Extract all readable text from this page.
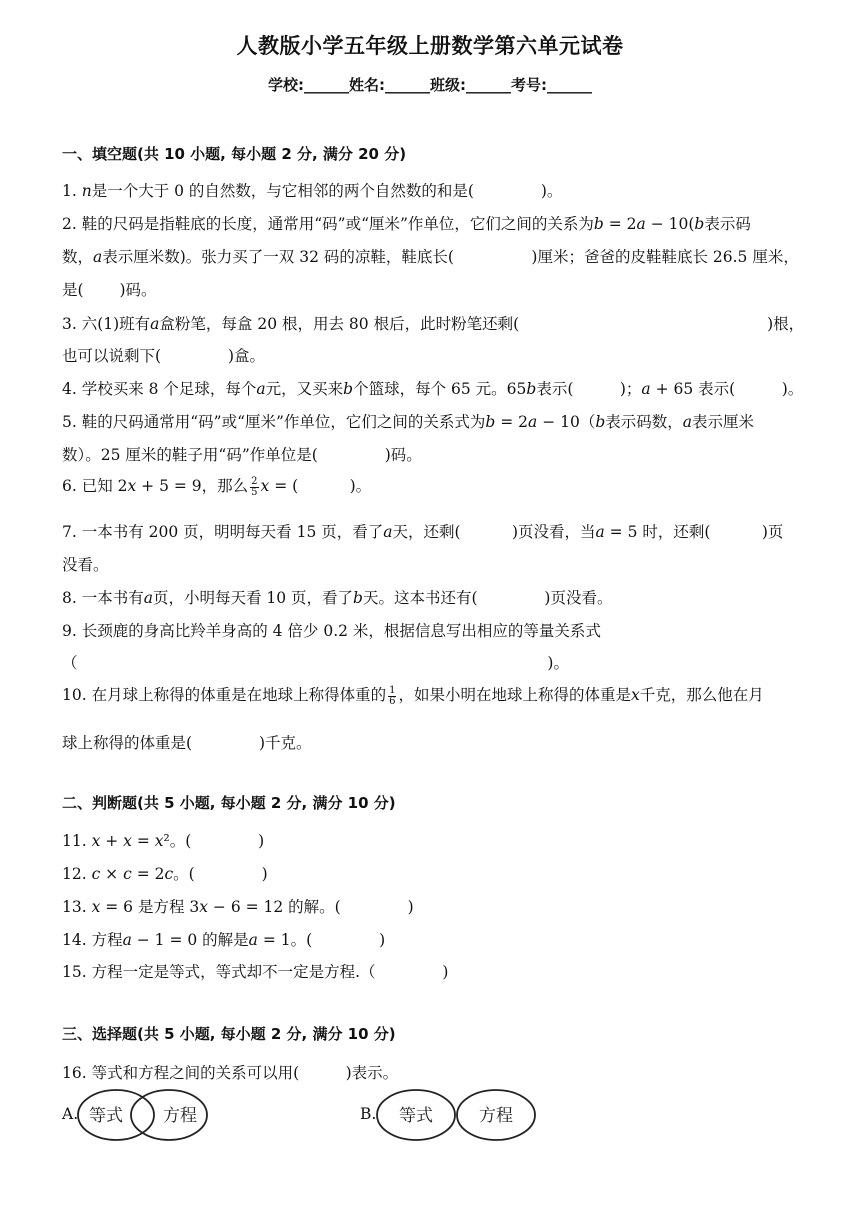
人教版小学五年级上册数学第六单元试卷
学校:______姓名:______班级:______考号:______
一、填空题(共 10 小题, 每小题 2 分, 满分 20 分)
1. 𝑛是一个大于 0 的自然数，与它相邻的两个自然数的和是(　　　　 )。
2. 鞋的尺码是指鞋底的长度，通常用“码”或“厘米”作单位，它们之间的关系为𝑏 = 2𝑎 − 10(𝑏表示码
数，𝑎表示厘米数)。张力买了一双 32 码的凉鞋，鞋底长(　　　　　)厘米；爸爸的皮鞋鞋底长 26.5 厘米，
是(　　 )码。
3. 六(1)班有𝑎盒粉笔，每盒 20 根，用去 80 根后，此时粉笔还剩(　　　　　　　　　　　　　　　　)根，
也可以说剩下(　　　　 )盒。
4. 学校买来 8 个足球，每个𝑎元，又买来𝑏个篮球，每个 65 元。65𝑏表示(　　　)；𝑎 + 65 表示(　　　)。
5. 鞋的尺码通常用“码”或“厘米”作单位，它们之间的关系式为𝑏 = 2𝑎 − 10（𝑏表示码数，𝑎表示厘米
数）。25 厘米的鞋子用“码”作单位是(　　　　 )码。
6. 已知 2𝑥 + 5 = 9，那么 $\frac{2}{5}$ 𝑥 = (　　　 )。
7. 一本书有 200 页，明明每天看 15 页，看了𝑎天，还剩(　　　 )页没看，当𝑎 = 5 时，还剩(　　　 )页
没看。
8. 一本书有𝑎页，小明每天看 10 页，看了𝑏天。这本书还有(　　　　 )页没看。
9. 长颈鹿的身高比羚羊身高的 4 倍少 0.2 米，根据信息写出相应的等量关系式
（　　　　　　　　　　　　　　　　　　　　　　　　　　　　　　 )。
10. 在月球上称得的体重是在地球上称得体重的 $\frac{1}{6}$ ，如果小明在地球上称得的体重是𝑥千克，那么他在月
球上称得的体重是(　　　　 )千克。
二、判断题(共 5 小题, 每小题 2 分, 满分 10 分)
11. 𝑥 + 𝑥 = 𝑥²。(　　　　 )
12. 𝑐 × 𝑐 = 2𝑐。(　　　　 )
13. 𝑥 = 6 是方程 3𝑥 − 6 = 12 的解。(　　　　 )
14. 方程𝑎 − 1 = 0 的解是𝑎 = 1。(　　　　 )
15. 方程一定是等式，等式却不一定是方程.（　　　　 )
三、选择题(共 5 小题, 每小题 2 分, 满分 10 分)
16. 等式和方程之间的关系可以用(　　　)表示。
A. 等式 方程	B. 等式	方程
